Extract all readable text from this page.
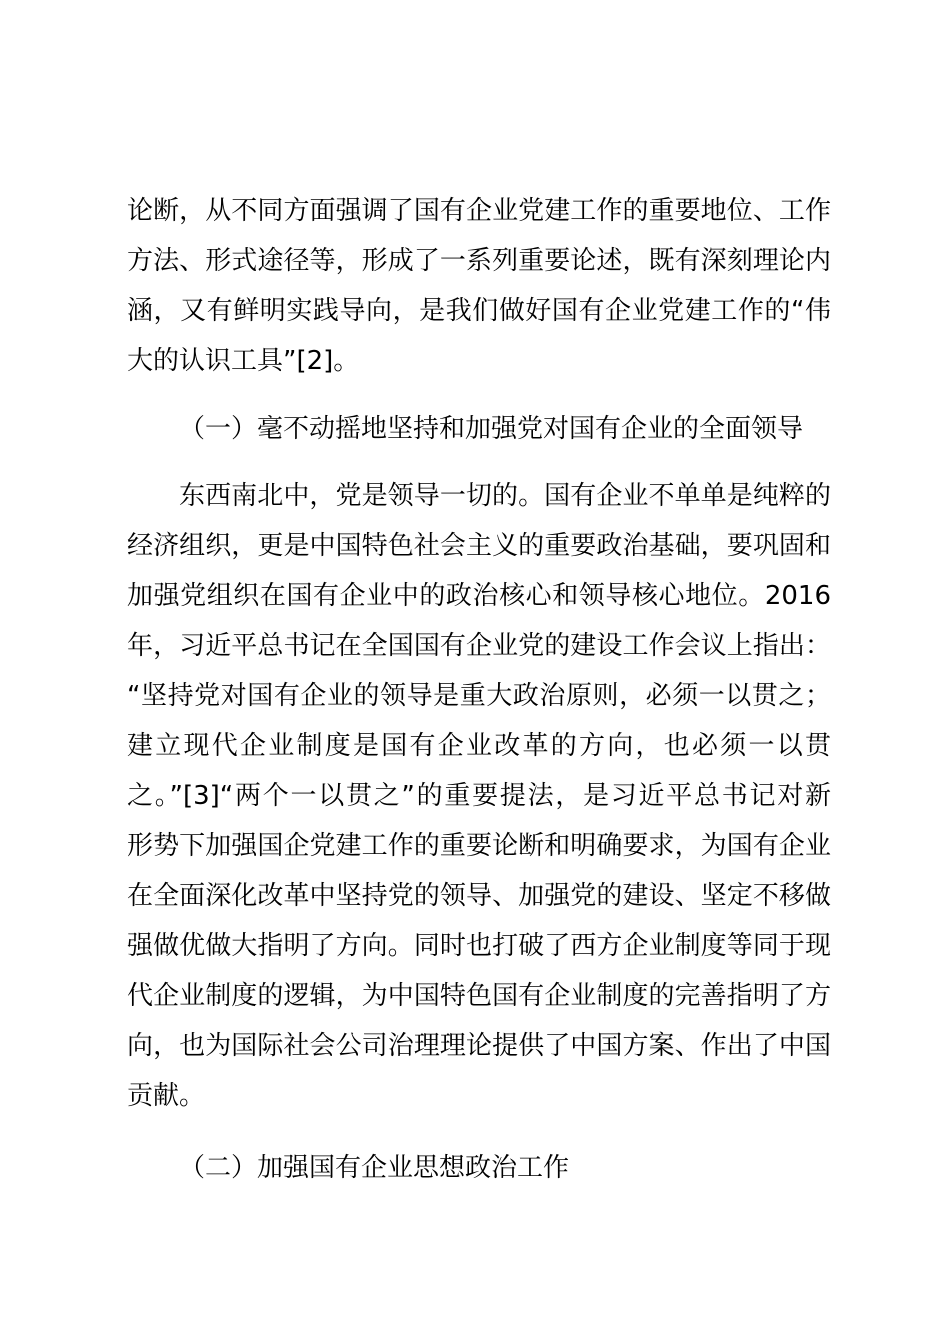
论断，从不同方面强调了国有企业党建工作的重要地位、工作
方法、形式途径等，形成了一系列重要论述，既有深刻理论内
涵，又有鲜明实践导向，是我们做好国有企业党建工作的“伟
大的认识工具”[2]。
（一）毫不动摇地坚持和加强党对国有企业的全面领导
东西南北中，党是领导一切的。国有企业不单单是纯粹的
经济组织，更是中国特色社会主义的重要政治基础，要巩固和
加强党组织在国有企业中的政治核心和领导核心地位。2016
年，习近平总书记在全国国有企业党的建设工作会议上指出：
“坚持党对国有企业的领导是重大政治原则，必须一以贯之；
建立现代企业制度是国有企业改革的方向，也必须一以贯
之。”[3]“两个一以贯之”的重要提法，是习近平总书记对新
形势下加强国企党建工作的重要论断和明确要求，为国有企业
在全面深化改革中坚持党的领导、加强党的建设、坚定不移做
强做优做大指明了方向。同时也打破了西方企业制度等同于现
代企业制度的逻辑，为中国特色国有企业制度的完善指明了方
向，也为国际社会公司治理理论提供了中国方案、作出了中国
贡献。
（二）加强国有企业思想政治工作
